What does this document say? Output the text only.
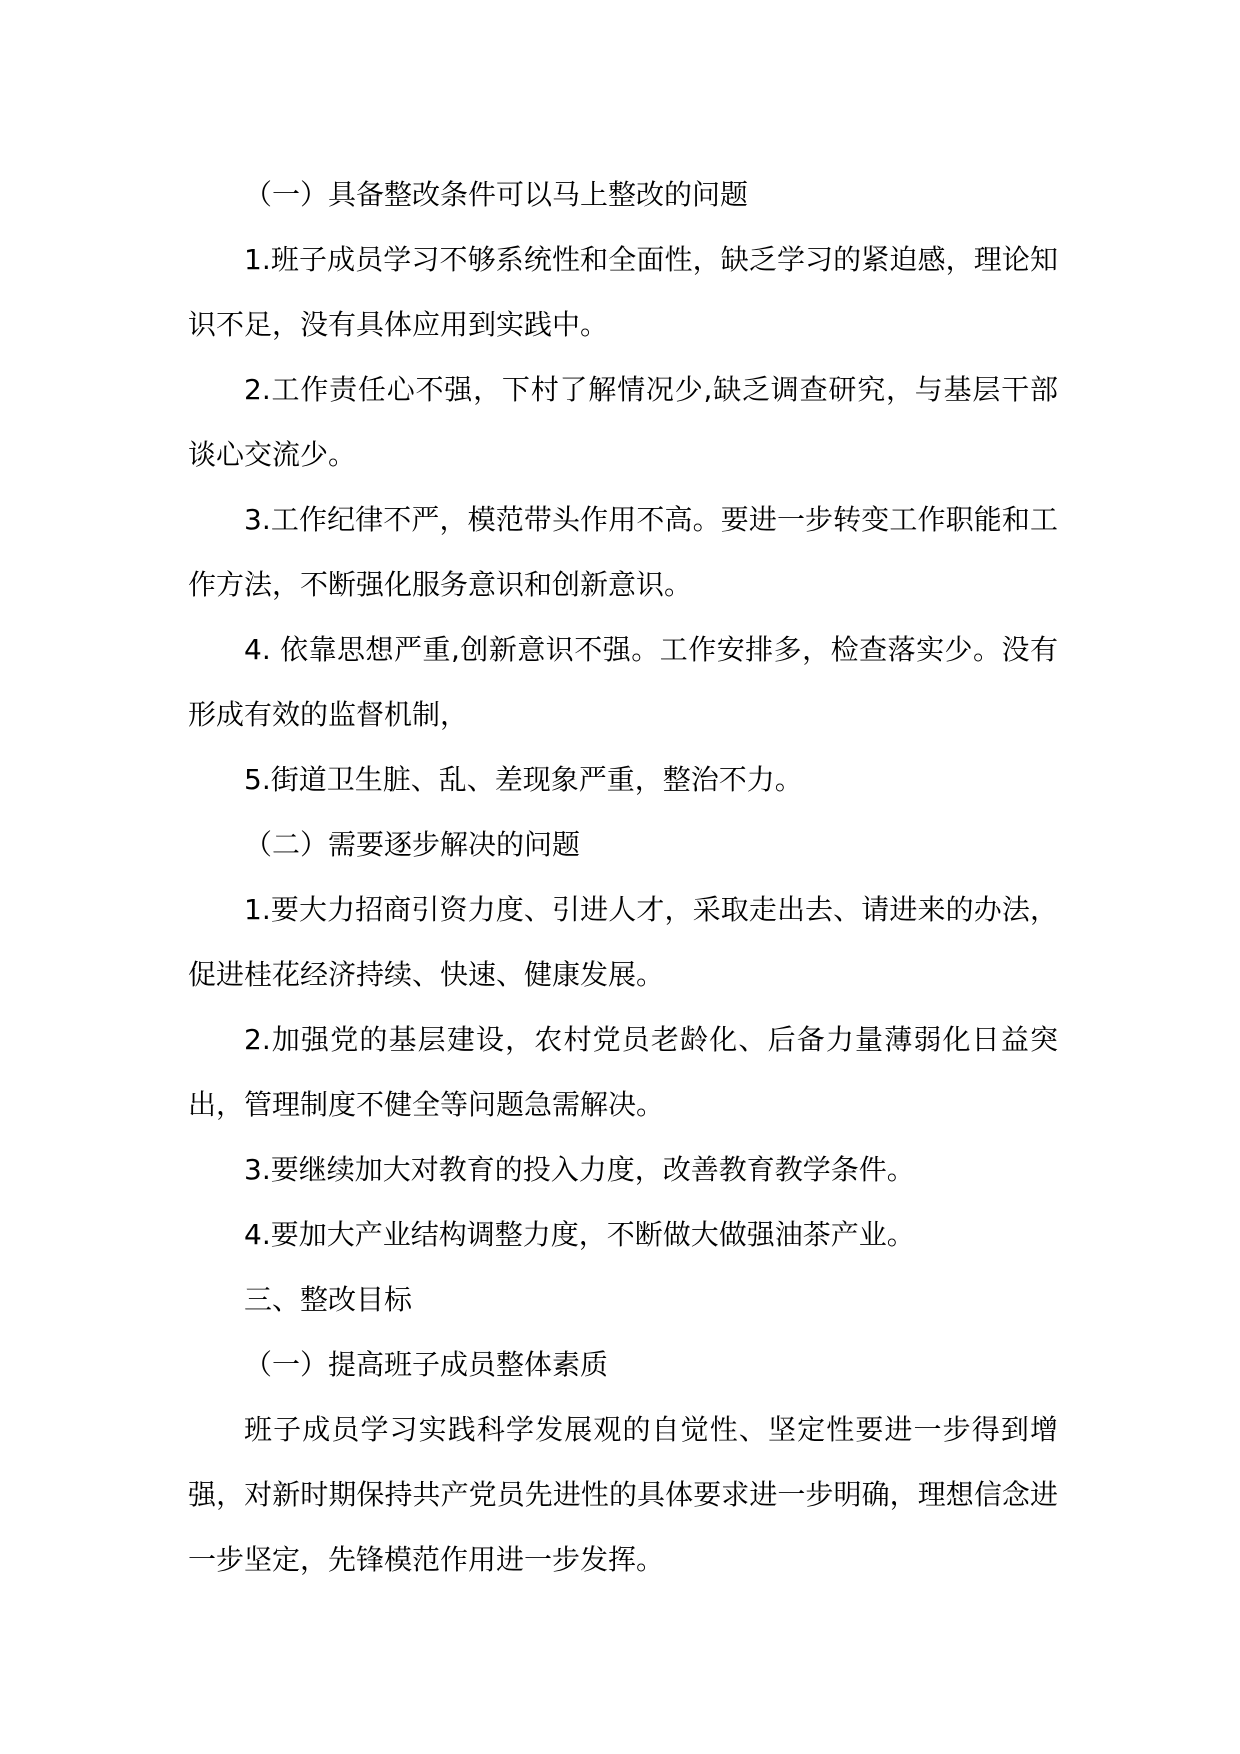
（一）具备整改条件可以马上整改的问题

1.班子成员学习不够系统性和全面性，缺乏学习的紧迫感，理论知识不足，没有具体应用到实践中。

2.工作责任心不强，下村了解情况少,缺乏调查研究，与基层干部谈心交流少。

3.工作纪律不严，模范带头作用不高。要进一步转变工作职能和工作方法，不断强化服务意识和创新意识。

4. 依靠思想严重,创新意识不强。工作安排多，检查落实少。没有形成有效的监督机制，

5.街道卫生脏、乱、差现象严重，整治不力。

（二）需要逐步解决的问题

1.要大力招商引资力度、引进人才，采取走出去、请进来的办法，促进桂花经济持续、快速、健康发展。

2.加强党的基层建设，农村党员老龄化、后备力量薄弱化日益突出，管理制度不健全等问题急需解决。

3.要继续加大对教育的投入力度，改善教育教学条件。

4.要加大产业结构调整力度，不断做大做强油茶产业。

三、整改目标

（一）提高班子成员整体素质

班子成员学习实践科学发展观的自觉性、坚定性要进一步得到增强，对新时期保持共产党员先进性的具体要求进一步明确，理想信念进一步坚定，先锋模范作用进一步发挥。
